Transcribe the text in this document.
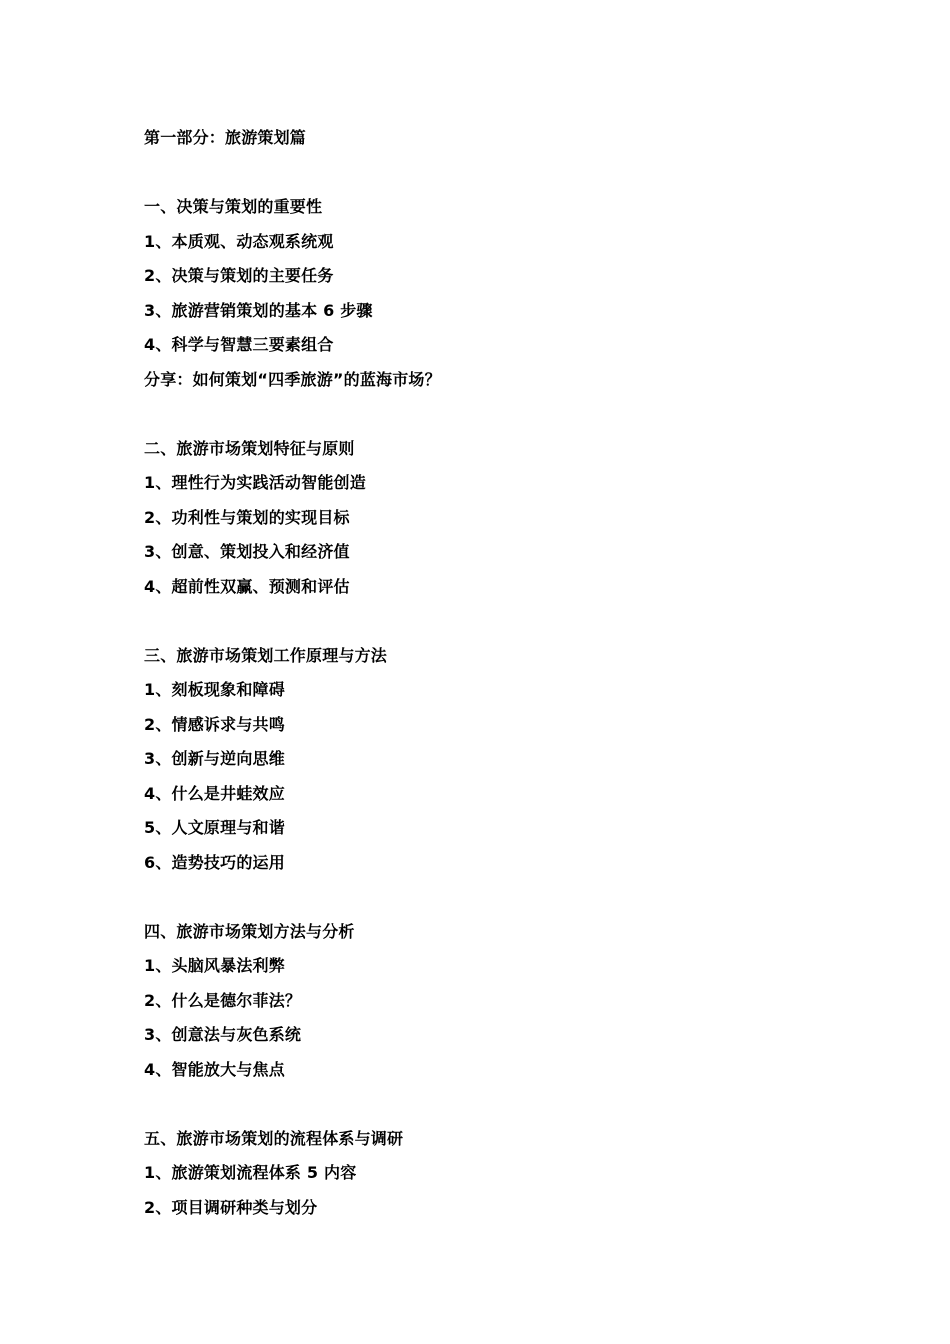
第一部分：旅游策划篇
一、决策与策划的重要性
1、本质观、动态观系统观
2、决策与策划的主要任务
3、旅游营销策划的基本 6 步骤
4、科学与智慧三要素组合
分享：如何策划“四季旅游”的蓝海市场？
二、旅游市场策划特征与原则
1、理性行为实践活动智能创造
2、功利性与策划的实现目标
3、创意、策划投入和经济值
4、超前性双赢、预测和评估
三、旅游市场策划工作原理与方法
1、刻板现象和障碍
2、情感诉求与共鸣
3、创新与逆向思维
4、什么是井蛙效应
5、人文原理与和谐
6、造势技巧的运用
四、旅游市场策划方法与分析
1、头脑风暴法利弊
2、什么是德尔菲法？
3、创意法与灰色系统
4、智能放大与焦点
五、旅游市场策划的流程体系与调研
1、旅游策划流程体系 5 内容
2、项目调研种类与划分
